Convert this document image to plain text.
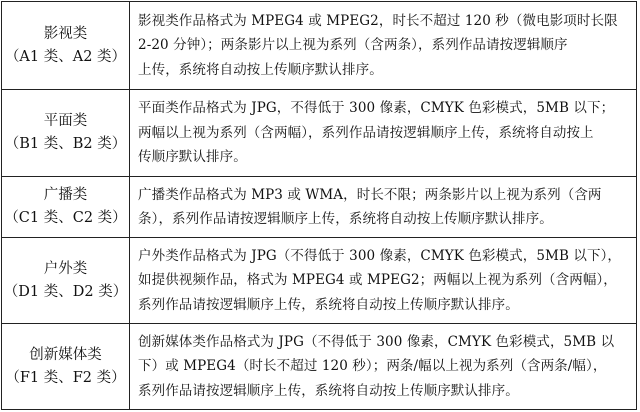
影视类
（A1 类、A2 类）	影视类作品格式为 MPEG4 或 MPEG2，时长不超过 120 秒（微电影项时长限
2-20 分钟）；两条影片以上视为系列（含两条），系列作品请按逻辑顺序
上传，系统将自动按上传顺序默认排序。

平面类
（B1 类、B2 类）	平面类作品格式为 JPG，不得低于 300 像素，CMYK 色彩模式，5MB 以下；
两幅以上视为系列（含两幅），系列作品请按逻辑顺序上传，系统将自动按上
传顺序默认排序。

广播类
（C1 类、C2 类）	广播类作品格式为 MP3 或 WMA，时长不限；两条影片以上视为系列（含两
条），系列作品请按逻辑顺序上传，系统将自动按上传顺序默认排序。

户外类
（D1 类、D2 类）	户外类作品格式为 JPG（不得低于 300 像素，CMYK 色彩模式，5MB 以下），
如提供视频作品，格式为 MPEG4 或 MPEG2；两幅以上视为系列（含两幅），
系列作品请按逻辑顺序上传，系统将自动按上传顺序默认排序。

创新媒体类
（F1 类、F2 类）	创新媒体类作品格式为 JPG（不得低于 300 像素，CMYK 色彩模式，5MB 以
下）或 MPEG4（时长不超过 120 秒）；两条/幅以上视为系列（含两条/幅），
系列作品请按逻辑顺序上传，系统将自动按上传顺序默认排序。
